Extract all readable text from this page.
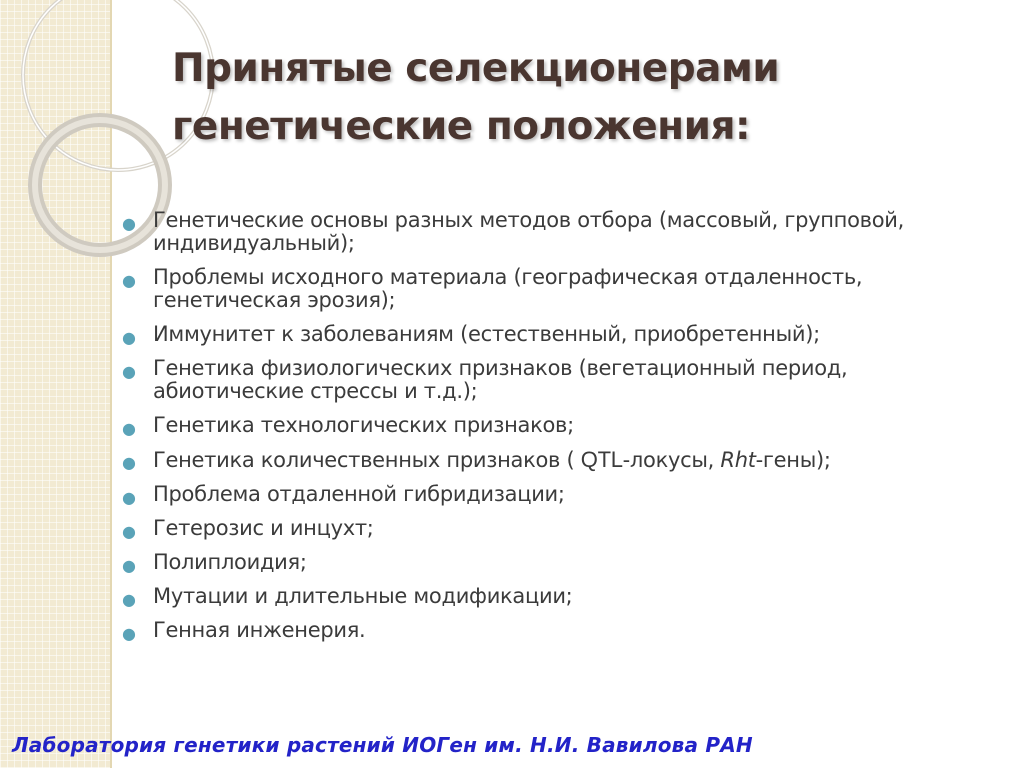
Принятые селекционерами
генетические положения:
● Генетические основы разных методов отбора (массовый, групповой, индивидуальный);
● Проблемы исходного материала (географическая отдаленность, генетическая эрозия);
● Иммунитет к заболеваниям (естественный, приобретенный);
● Генетика физиологических признаков (вегетационный период, абиотические стрессы и т.д.);
● Генетика технологических признаков;
● Генетика количественных признаков ( QTL-локусы, Rht-гены);
● Проблема отдаленной гибридизации;
● Гетерозис и инцухт;
● Полиплоидия;
● Мутации и длительные модификации;
● Генная инженерия.
Лаборатория генетики растений ИОГен им. Н.И. Вавилова РАН
